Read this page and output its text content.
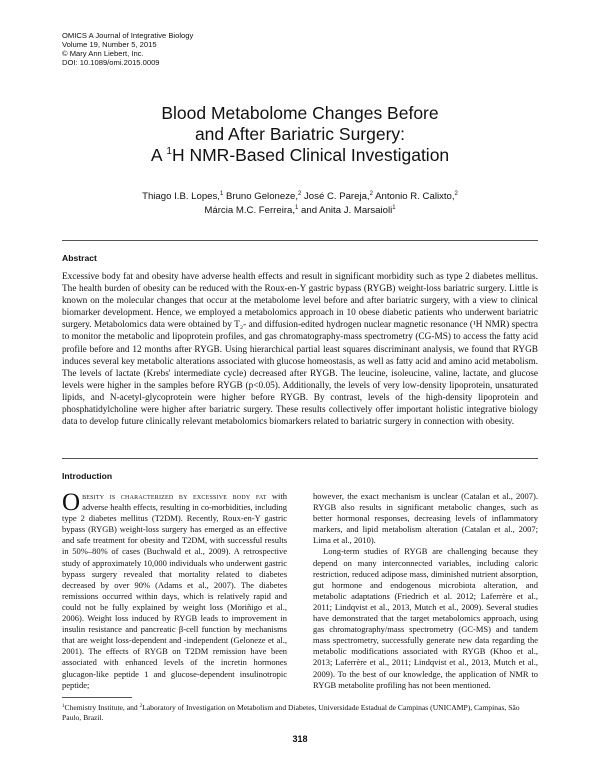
OMICS A Journal of Integrative Biology
Volume 19, Number 5, 2015
© Mary Ann Liebert, Inc.
DOI: 10.1089/omi.2015.0009
Blood Metabolome Changes Before
and After Bariatric Surgery:
A $^1$H NMR-Based Clinical Investigation
Thiago I.B. Lopes,$^1$ Bruno Geloneze,$^2$ José C. Pareja,$^2$ Antonio R. Calixto,$^2$
Márcia M.C. Ferreira,$^1$ and Anita J. Marsaioli$^1$
Abstract
Excessive body fat and obesity have adverse health effects and result in significant morbidity such as type 2 diabetes mellitus. The health burden of obesity can be reduced with the Roux-en-Y gastric bypass (RYGB) weight-loss bariatric surgery. Little is known on the molecular changes that occur at the metabolome level before and after bariatric surgery, with a view to clinical biomarker development. Hence, we employed a metabolomics approach in 10 obese diabetic patients who underwent bariatric surgery. Metabolomics data were obtained by T₂- and diffusion-edited hydrogen nuclear magnetic resonance (¹H NMR) spectra to monitor the metabolic and lipoprotein profiles, and gas chromatography-mass spectrometry (CG-MS) to access the fatty acid profile before and 12 months after RYGB. Using hierarchical partial least squares discriminant analysis, we found that RYGB induces several key metabolic alterations associated with glucose homeostasis, as well as fatty acid and amino acid metabolism. The levels of lactate (Krebs' intermediate cycle) decreased after RYGB. The leucine, isoleucine, valine, lactate, and glucose levels were higher in the samples before RYGB (p<0.05). Additionally, the levels of very low-density lipoprotein, unsaturated lipids, and N-acetyl-glycoprotein were higher before RYGB. By contrast, levels of the high-density lipoprotein and phosphatidylcholine were higher after bariatric surgery. These results collectively offer important holistic integrative biology data to develop future clinically relevant metabolomics biomarkers related to bariatric surgery in connection with obesity.
Introduction

Obesity is characterized by excessive body fat with adverse health effects, resulting in co-morbidities, including type 2 diabetes mellitus (T2DM). Recently, Roux-en-Y gastric bypass (RYGB) weight-loss surgery has emerged as an effective and safe treatment for obesity and T2DM, with successful results in 50%–80% of cases (Buchwald et al., 2009). A retrospective study of approximately 10,000 individuals who underwent gastric bypass surgery revealed that mortality related to diabetes decreased by over 90% (Adams et al., 2007). The diabetes remissions occurred within days, which is relatively rapid and could not be fully explained by weight loss (Moriñigo et al., 2006). Weight loss induced by RYGB leads to improvement in insulin resistance and pancreatic β-cell function by mechanisms that are weight loss-dependent and -independent (Geloneze et al., 2001). The effects of RYGB on T2DM remission have been associated with enhanced levels of the incretin hormones glucagon-like peptide 1 and glucose-dependent insulinotropic peptide;

however, the exact mechanism is unclear (Catalan et al., 2007). RYGB also results in significant metabolic changes, such as better hormonal responses, decreasing levels of inflammatory markers, and lipid metabolism alteration (Catalan et al., 2007; Lima et al., 2010).

Long-term studies of RYGB are challenging because they depend on many interconnected variables, including caloric restriction, reduced adipose mass, diminished nutrient absorption, gut hormone and endogenous microbiota alteration, and metabolic adaptations (Friedrich et al. 2012; Laferrère et al., 2011; Lindqvist et al., 2013, Mutch et al., 2009). Several studies have demonstrated that the target metabolomics approach, using gas chromatography/mass spectrometry (GC-MS) and tandem mass spectrometry, successfully generate new data regarding the metabolic modifications associated with RYGB (Khoo et al., 2013; Laferrère et al., 2011; Lindqvist et al., 2013, Mutch et al., 2009). To the best of our knowledge, the application of NMR to RYGB metabolite profiling has not been mentioned.

$^1$Chemistry Institute, and $^2$Laboratory of Investigation on Metabolism and Diabetes, Universidade Estadual de Campinas (UNICAMP), Campinas, São Paulo, Brazil.
318
